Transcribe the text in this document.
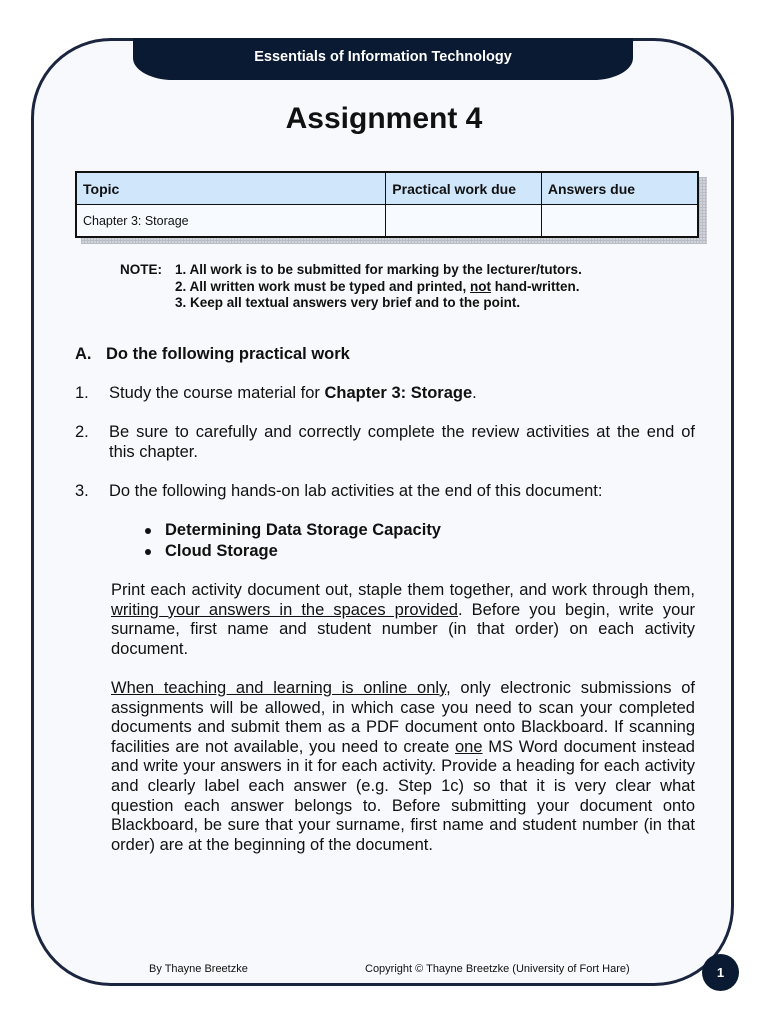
Essentials of Information Technology
Assignment 4
Topic	Practical work due	Answers due
Chapter 3: Storage		
NOTE: 1. All work is to be submitted for marking by the lecturer/tutors.
2. All written work must be typed and printed, not hand-written.
3. Keep all textual answers very brief and to the point.
A. Do the following practical work
1. Study the course material for Chapter 3: Storage.
2. Be sure to carefully and correctly complete the review activities at the end of this chapter.
3. Do the following hands-on lab activities at the end of this document:
Determining Data Storage Capacity
Cloud Storage
Print each activity document out, staple them together, and work through them, writing your answers in the spaces provided. Before you begin, write your surname, first name and student number (in that order) on each activity document.
When teaching and learning is online only, only electronic submissions of assignments will be allowed, in which case you need to scan your completed documents and submit them as a PDF document onto Blackboard. If scanning facilities are not available, you need to create one MS Word document instead and write your answers in it for each activity. Provide a heading for each activity and clearly label each answer (e.g. Step 1c) so that it is very clear what question each answer belongs to. Before submitting your document onto Blackboard, be sure that your surname, first name and student number (in that order) are at the beginning of the document.
By Thayne Breetzke	Copyright © Thayne Breetzke (University of Fort Hare)	1
